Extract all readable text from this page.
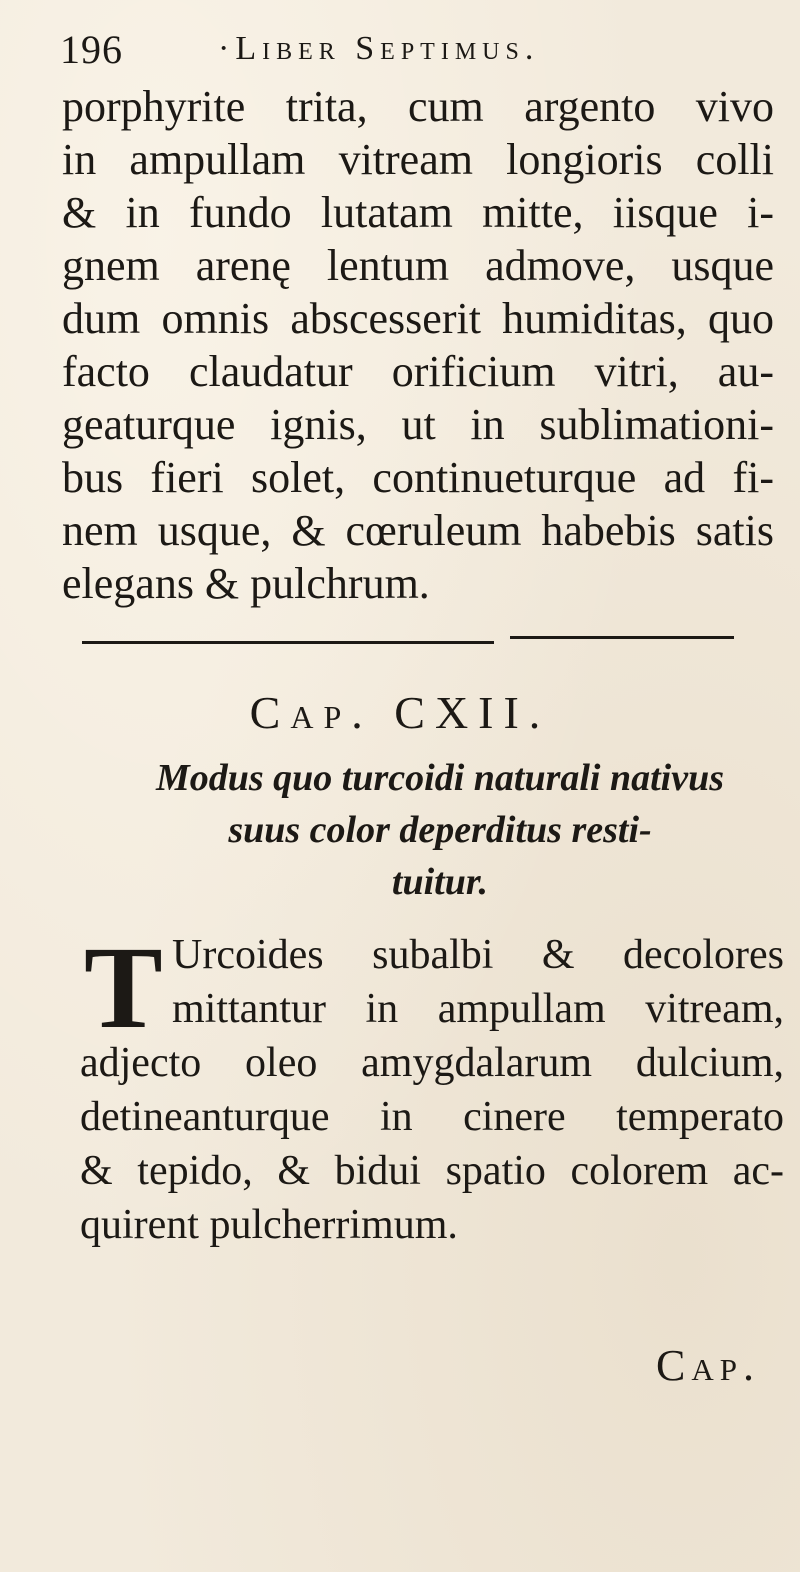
196	·Liber Septimus.
porphyrite trita, cum argento vivo
in ampullam vitream longioris colli
& in fundo lutatam mitte, iisque i-
gnem arenę lentum admove, usque
dum omnis abscesserit humiditas, quo
facto claudatur orificium vitri, au-
geaturque ignis, ut in sublimationi-
bus fieri solet, continueturque ad fi-
nem usque, & cœruleum habebis satis
elegans & pulchrum.
Cap. CXII.
Modus quo turcoidi naturali nativus
suus color deperditus resti-
tuitur.
T Urcoides subalbi & decolores
mittantur in ampullam vitream,
adjecto oleo amygdalarum dulcium,
detineanturque in cinere temperato
& tepido, & bidui spatio colorem ac-
quirent pulcherrimum.
Cap.
